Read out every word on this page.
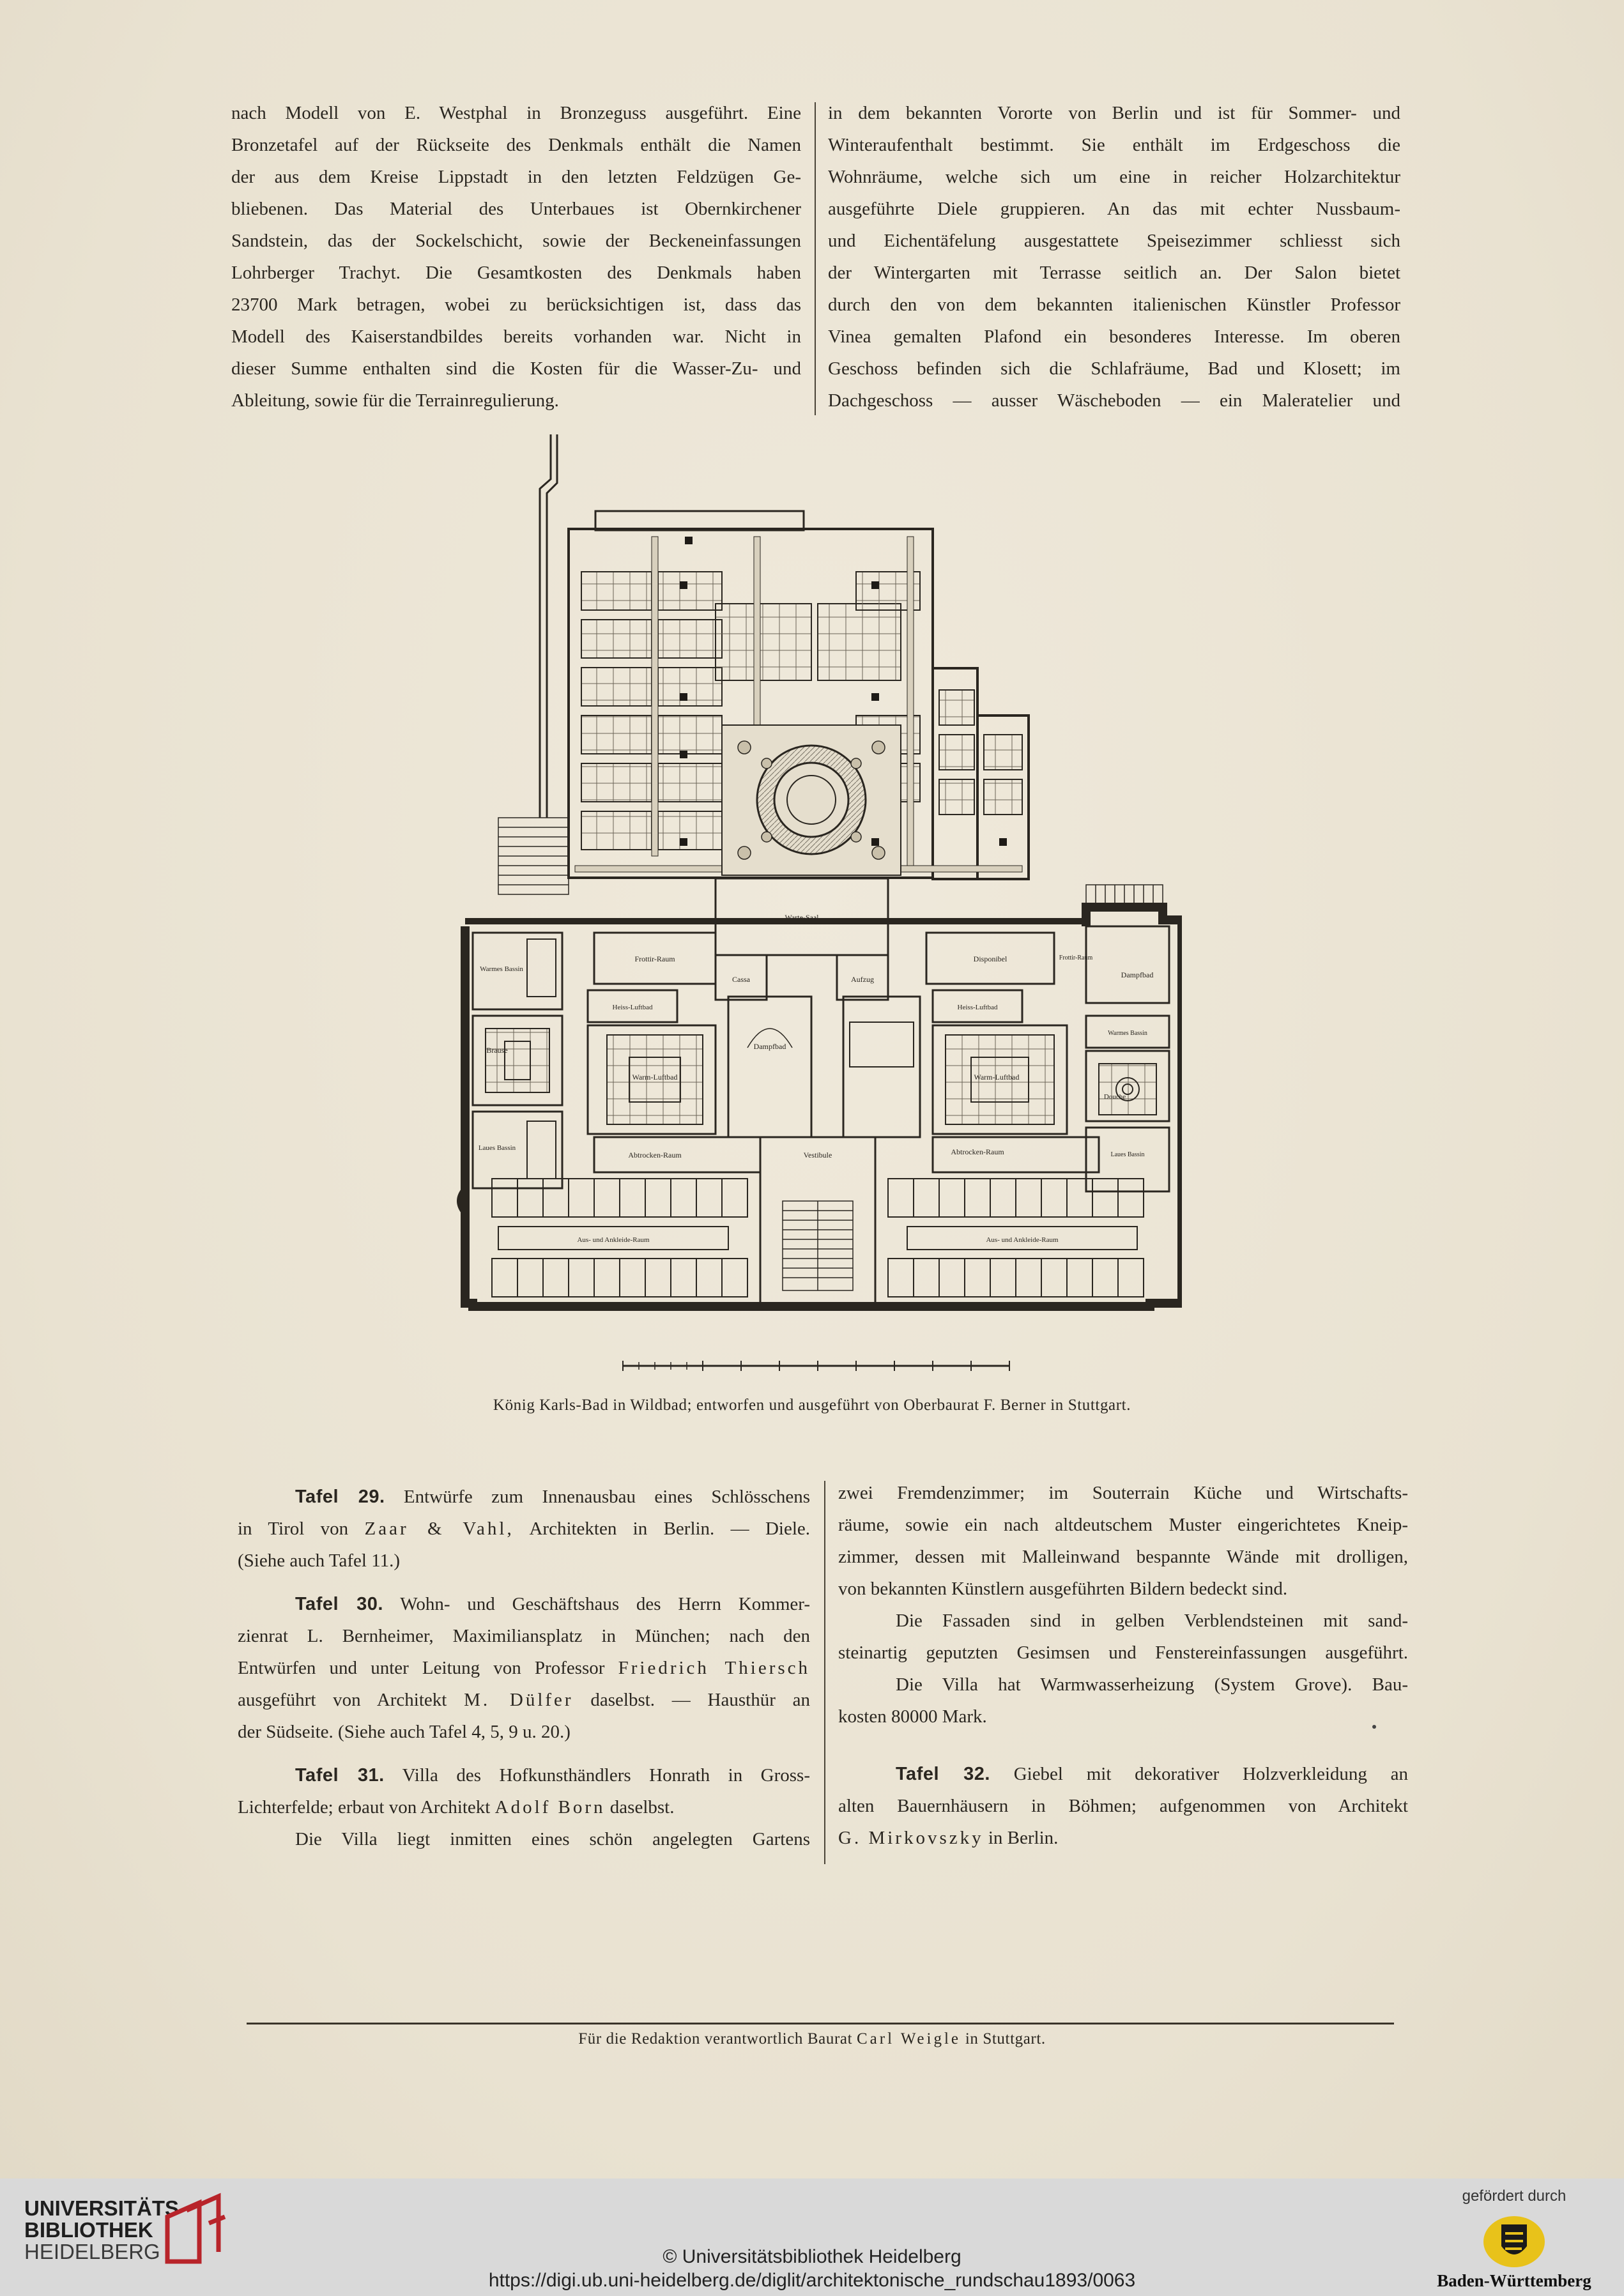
nach Modell von E. Westphal in Bronzeguss ausgeführt. Eine
Bronzetafel auf der Rückseite des Denkmals enthält die Namen
der aus dem Kreise Lippstadt in den letzten Feldzügen Ge-
bliebenen. Das Material des Unterbaues ist Obernkirchener
Sandstein, das der Sockelschicht, sowie der Beckeneinfassungen
Lohrberger Trachyt. Die Gesamtkosten des Denkmals haben
23700 Mark betragen, wobei zu berücksichtigen ist, dass das
Modell des Kaiserstandbildes bereits vorhanden war. Nicht in
dieser Summe enthalten sind die Kosten für die Wasser-Zu- und
Ableitung, sowie für die Terrainregulierung.
in dem bekannten Vororte von Berlin und ist für Sommer- und
Winteraufenthalt bestimmt. Sie enthält im Erdgeschoss die
Wohnräume, welche sich um eine in reicher Holzarchitektur
ausgeführte Diele gruppieren. An das mit echter Nussbaum-
und Eichentäfelung ausgestattete Speisezimmer schliesst sich
der Wintergarten mit Terrasse seitlich an. Der Salon bietet
durch den von dem bekannten italienischen Künstler Professor
Vinea gemalten Plafond ein besonderes Interesse. Im oberen
Geschoss befinden sich die Schlafräume, Bad und Klosett; im
Dachgeschoss — ausser Wäscheboden — ein Maleratelier und
Warte-Saal
Frottir-Raum
Cassa	Aufzug
Disponibel	Frottir-Raum
Dampfbad
Warmes Bassin
Heiss-Luftbad	Heiss-Luftbad
Brause
Warm-Luftbad
Dampfbad
Warm-Luftbad
Warmes Bassin
Douche
Laues Bassin
Abtrocken-Raum	Vestibule	Abtrocken-Raum	Laues Bassin
Aus- und Ankleide-Raum	Aus- und Ankleide-Raum
König Karls-Bad in Wildbad; entworfen und ausgeführt von Oberbaurat F. Berner in Stuttgart.
Tafel 29. Entwürfe zum Innenausbau eines Schlösschens
in Tirol von Zaar & Vahl, Architekten in Berlin. — Diele.
(Siehe auch Tafel 11.)
Tafel 30. Wohn- und Geschäftshaus des Herrn Kommer-
zienrat L. Bernheimer, Maximiliansplatz in München; nach den
Entwürfen und unter Leitung von Professor Friedrich Thiersch
ausgeführt von Architekt M. Dülfer daselbst. — Hausthür an
der Südseite. (Siehe auch Tafel 4, 5, 9 u. 20.)
Tafel 31. Villa des Hofkunsthändlers Honrath in Gross-
Lichterfelde; erbaut von Architekt Adolf Born daselbst.
Die Villa liegt inmitten eines schön angelegten Gartens
zwei Fremdenzimmer; im Souterrain Küche und Wirtschafts-
räume, sowie ein nach altdeutschem Muster eingerichtetes Kneip-
zimmer, dessen mit Malleinwand bespannte Wände mit drolligen,
von bekannten Künstlern ausgeführten Bildern bedeckt sind.
Die Fassaden sind in gelben Verblendsteinen mit sand-
steinartig geputzten Gesimsen und Fenstereinfassungen ausgeführt.
Die Villa hat Warmwasserheizung (System Grove). Bau-
kosten 80000 Mark.
Tafel 32. Giebel mit dekorativer Holzverkleidung an
alten Bauernhäusern in Böhmen; aufgenommen von Architekt
G. Mirkovszky in Berlin.
Für die Redaktion verantwortlich Baurat Carl Weigle in Stuttgart.
UNIVERSITÄTS-
BIBLIOTHEK
HEIDELBERG	© Universitätsbibliothek Heidelberg
https://digi.ub.uni-heidelberg.de/diglit/architektonische_rundschau1893/0063
gefördert durch
Baden-Württemberg
